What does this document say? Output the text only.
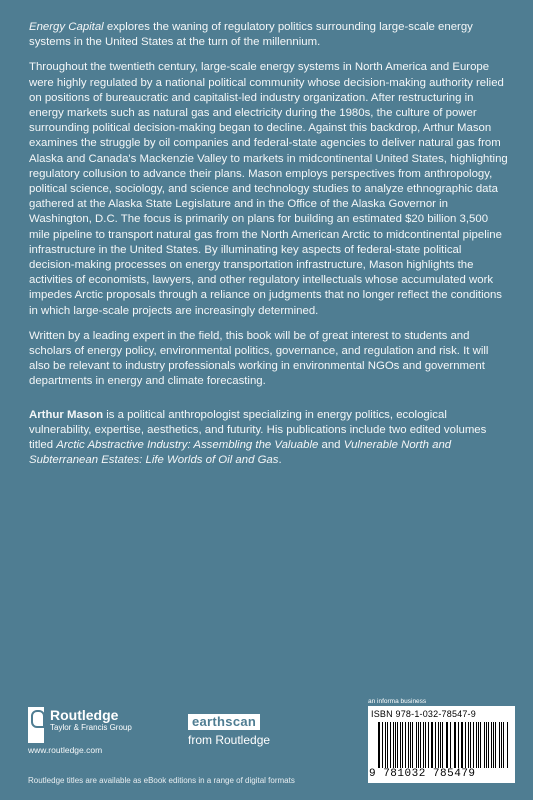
Energy Capital explores the waning of regulatory politics surrounding large-scale energy systems in the United States at the turn of the millennium.

Throughout the twentieth century, large-scale energy systems in North America and Europe were highly regulated by a national political community whose decision-making authority relied on positions of bureaucratic and capitalist-led industry organization. After restructuring in energy markets such as natural gas and electricity during the 1980s, the culture of power surrounding political decision-making began to decline. Against this backdrop, Arthur Mason examines the struggle by oil companies and federal-state agencies to deliver natural gas from Alaska and Canada's Mackenzie Valley to markets in midcontinental United States, highlighting regulatory collusion to advance their plans. Mason employs perspectives from anthropology, political science, sociology, and science and technology studies to analyze ethnographic data gathered at the Alaska State Legislature and in the Office of the Alaska Governor in Washington, D.C. The focus is primarily on plans for building an estimated $20 billion 3,500 mile pipeline to transport natural gas from the North American Arctic to midcontinental pipeline infrastructure in the United States. By illuminating key aspects of federal-state political decision-making processes on energy transportation infrastructure, Mason highlights the activities of economists, lawyers, and other regulatory intellectuals whose accumulated work impedes Arctic proposals through a reliance on judgments that no longer reflect the conditions in which large-scale projects are increasingly determined.

Written by a leading expert in the field, this book will be of great interest to students and scholars of energy policy, environmental politics, governance, and regulation and risk. It will also be relevant to industry professionals working in environmental NGOs and government departments in energy and climate forecasting.

Arthur Mason is a political anthropologist specializing in energy politics, ecological vulnerability, expertise, aesthetics, and futurity. His publications include two edited volumes titled Arctic Abstractive Industry: Assembling the Valuable and Vulnerable North and Subterranean Estates: Life Worlds of Oil and Gas.

Routledge
Taylor & Francis Group
www.routledge.com
earthscan
from Routledge
an informa business
ISBN 978-1-032-78547-9
9 781032 785479
Routledge titles are available as eBook editions in a range of digital formats
